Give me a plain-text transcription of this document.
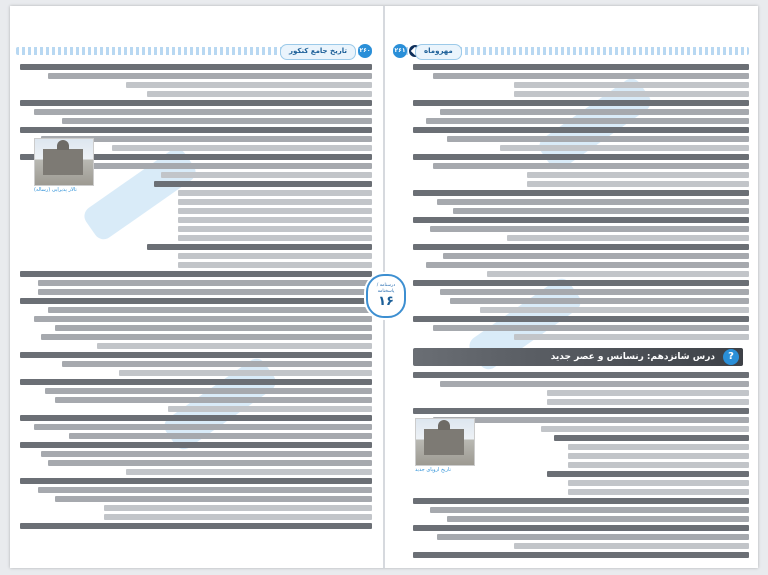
تاریخ جامع کنکور	۲۶۰
تالار پذیرایی (رساله)
۲۶۱	مهروماه
درس شانزدهم: رنسانس و عصر جدید	?
تاریخ اروپای جدید
درسنامه / پاسخنامه
۱۶
